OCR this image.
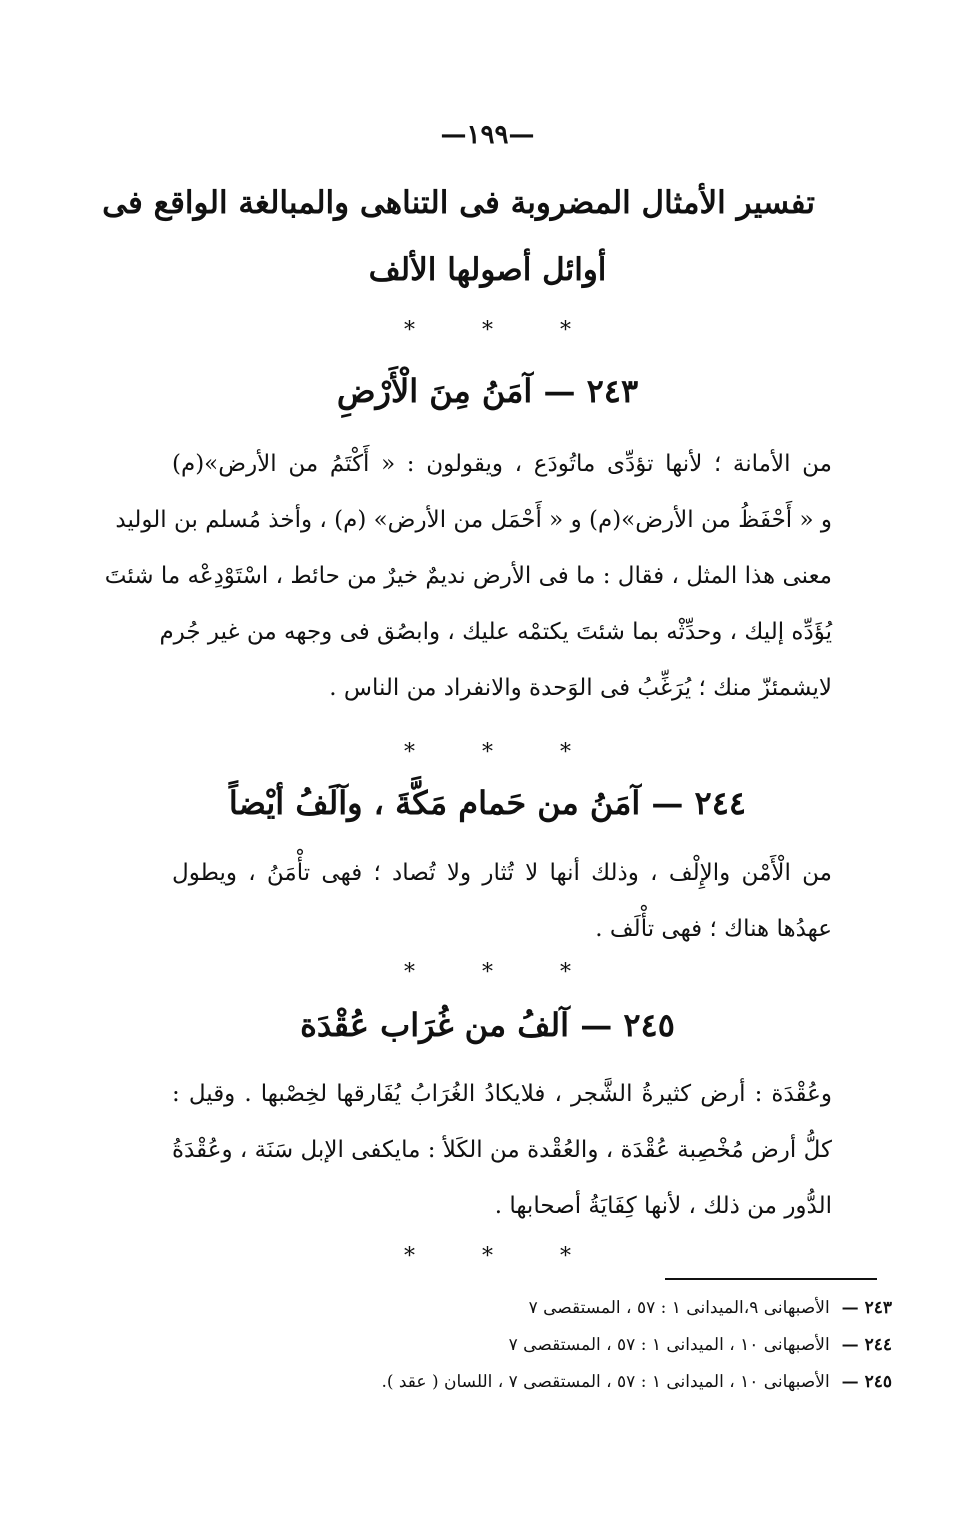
—١٩٩—
تفسير الأمثال المضروبة فى التناهى والمبالغة الواقع فى
أوائل أصولها الألف
* * *
٢٤٣ — آمَنُ مِنَ الْأَرْضِ
من الأمانة ؛ لأنها تؤدِّى ماتُودَع ، ويقولون : « أَكْتَمُ من الأرض»(م)
و « أَحْفَظُ من الأرض»(م) و « أَحْمَل من الأرض» (م) ، وأخذ مُسلم بن الوليد
معنى هذا المثل ، فقال : ما فى الأرض نديمٌ خيرٌ من حائط ، اسْتَوْدِعْه ما شئتَ
يُؤَدِّه إليك ، وحدِّثْه بما شئتَ يكتمْه عليك ، وابصُق فى وجهه من غير جُرم
لايشمئزّ منك ؛ يُرَغِّبُ فى الوَحدة والانفراد من الناس .
* * *
٢٤٤ — آمَنُ من حَمام مَكَّةَ ، وآلَفُ أيْضاً
من الْأَمْن والإِلْف ، وذلك أنها لا تُثار ولا تُصاد ؛ فهى تأْمَنُ ، ويطول
عهدُها هناك ؛ فهى تأْلَف .
* * *
٢٤٥ — آلفُ من غُرَاب عُقْدَة
وعُقْدَة : أرض كثيرةُ الشَّجر ، فلايكادُ الغُرَابُ يُفَارقها لخِصْبها . وقيل :
كلُّ أرض مُخْصِبة عُقْدَة ، والعُقْدة من الكَلأ : مايكفى الإبل سَنَة ، وعُقْدَةُ
الدُّور من ذلك ، لأنها كِفَايَةُ أصحابها .
* * *
٢٤٣ —الأصبهانى ٩،الميدانى ١ : ٥٧ ، المستقصى ٧
٢٤٤ —الأصبهانى ١٠ ، الميدانى ١ : ٥٧ ، المستقصى ٧
٢٤٥ —الأصبهانى ١٠ ، الميدانى ١ : ٥٧ ، المستقصى ٧ ، اللسان ( عقد ).
